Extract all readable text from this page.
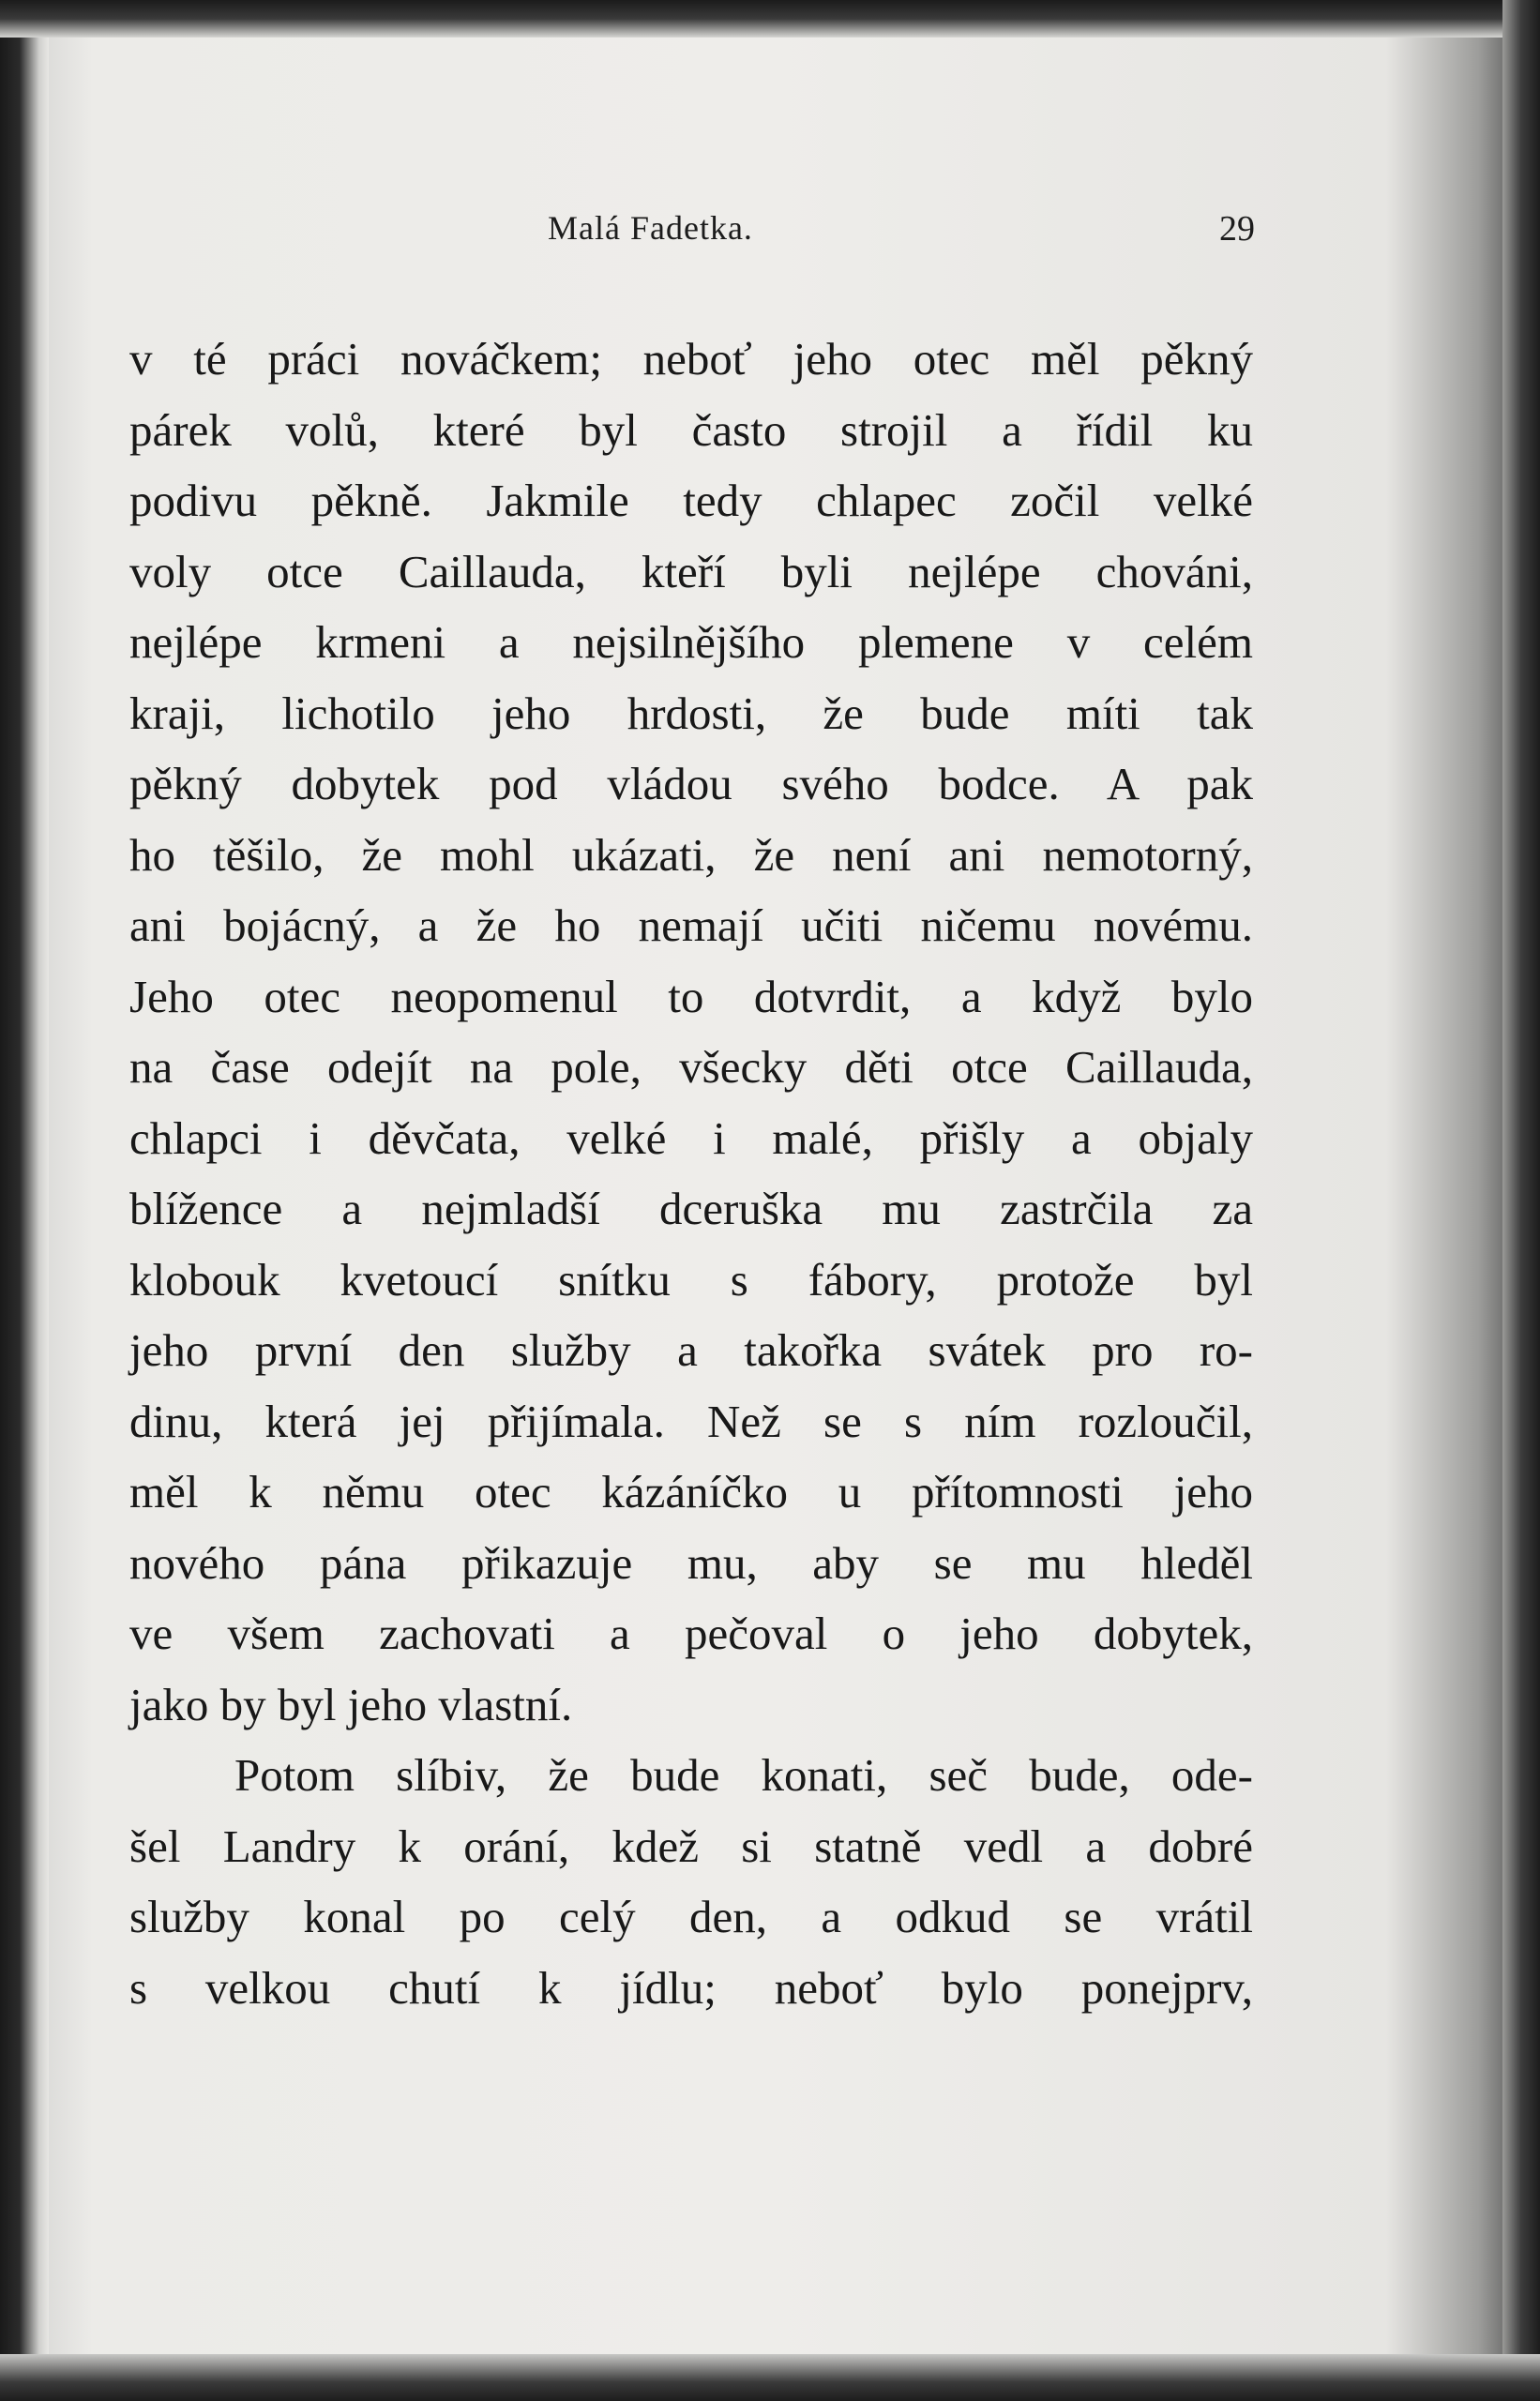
Malá Fadetka.	29
v té práci nováčkem; neboť jeho otec měl pěkný
párek volů, které byl často strojil a řídil ku
podivu pěkně. Jakmile tedy chlapec zočil velké
voly otce Caillauda, kteří byli nejlépe chováni,
nejlépe krmeni a nejsilnějšího plemene v celém
kraji, lichotilo jeho hrdosti, že bude míti tak
pěkný dobytek pod vládou svého bodce. A pak
ho těšilo, že mohl ukázati, že není ani nemotorný,
ani bojácný, a že ho nemají učiti ničemu novému.
Jeho otec neopomenul to dotvrdit, a když bylo
na čase odejít na pole, všecky děti otce Caillauda,
chlapci i děvčata, velké i malé, přišly a objaly
blížence a nejmladší dceruška mu zastrčila za
klobouk kvetoucí snítku s fábory, protože byl
jeho první den služby a takořka svátek pro ro-
dinu, která jej přijímala. Než se s ním rozloučil,
měl k němu otec kázáníčko u přítomnosti jeho
nového pána přikazuje mu, aby se mu hleděl
ve všem zachovati a pečoval o jeho dobytek,
jako by byl jeho vlastní.
Potom slíbiv, že bude konati, seč bude, ode-
šel Landry k orání, kdež si statně vedl a dobré
služby konal po celý den, a odkud se vrátil
s velkou chutí k jídlu; neboť bylo ponejprv,
